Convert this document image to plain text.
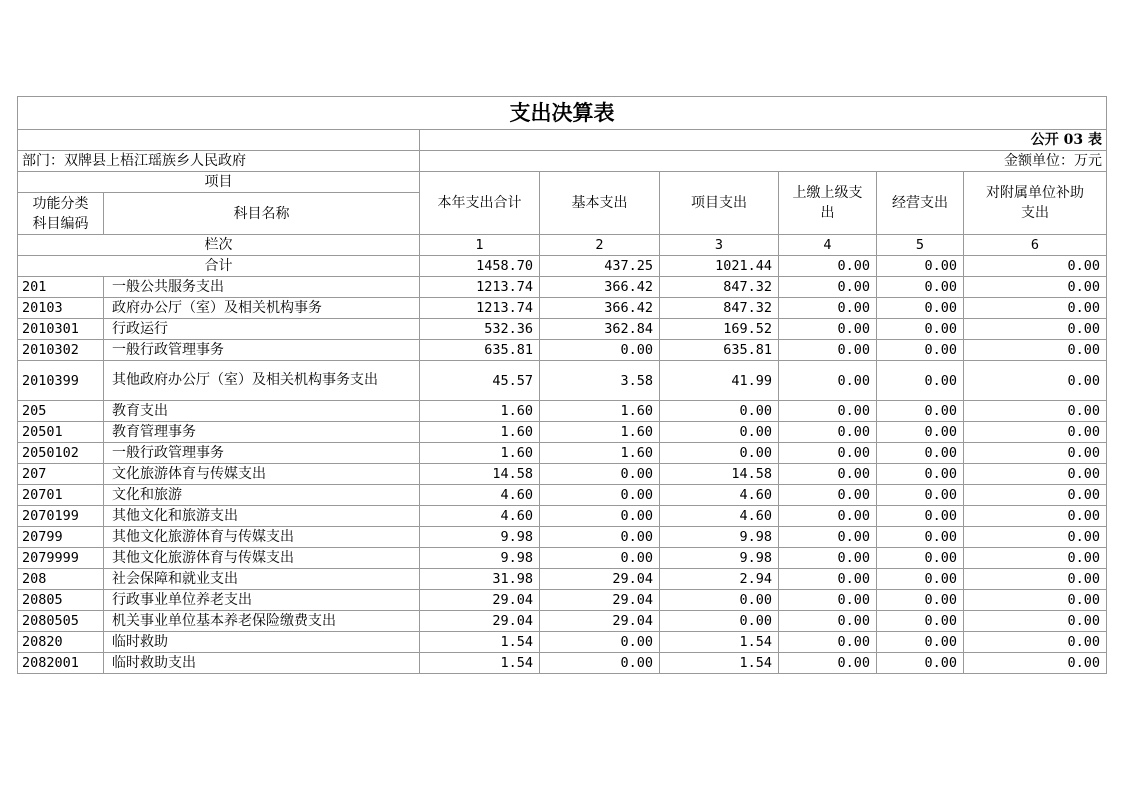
支出决算表							
		公开 03 表					
部门：双牌县上梧江瑶族乡人民政府		金额单位：万元					
项目		本年支出合计	基本支出	项目支出	上缴上级支出	经营支出	对附属单位补助支出
功能分类科目编码	科目名称						
栏次		1	2	3	4	5	6
合计		1458.70	437.25	1021.44	0.00	0.00	0.00
201	一般公共服务支出	1213.74	366.42	847.32	0.00	0.00	0.00
20103	政府办公厅（室）及相关机构事务	1213.74	366.42	847.32	0.00	0.00	0.00
2010301	行政运行	532.36	362.84	169.52	0.00	0.00	0.00
2010302	一般行政管理事务	635.81	0.00	635.81	0.00	0.00	0.00
2010399	其他政府办公厅（室）及相关机构事务支出	45.57	3.58	41.99	0.00	0.00	0.00
205	教育支出	1.60	1.60	0.00	0.00	0.00	0.00
20501	教育管理事务	1.60	1.60	0.00	0.00	0.00	0.00
2050102	一般行政管理事务	1.60	1.60	0.00	0.00	0.00	0.00
207	文化旅游体育与传媒支出	14.58	0.00	14.58	0.00	0.00	0.00
20701	文化和旅游	4.60	0.00	4.60	0.00	0.00	0.00
2070199	其他文化和旅游支出	4.60	0.00	4.60	0.00	0.00	0.00
20799	其他文化旅游体育与传媒支出	9.98	0.00	9.98	0.00	0.00	0.00
2079999	其他文化旅游体育与传媒支出	9.98	0.00	9.98	0.00	0.00	0.00
208	社会保障和就业支出	31.98	29.04	2.94	0.00	0.00	0.00
20805	行政事业单位养老支出	29.04	29.04	0.00	0.00	0.00	0.00
2080505	机关事业单位基本养老保险缴费支出	29.04	29.04	0.00	0.00	0.00	0.00
20820	临时救助	1.54	0.00	1.54	0.00	0.00	0.00
2082001	临时救助支出	1.54	0.00	1.54	0.00	0.00	0.00
